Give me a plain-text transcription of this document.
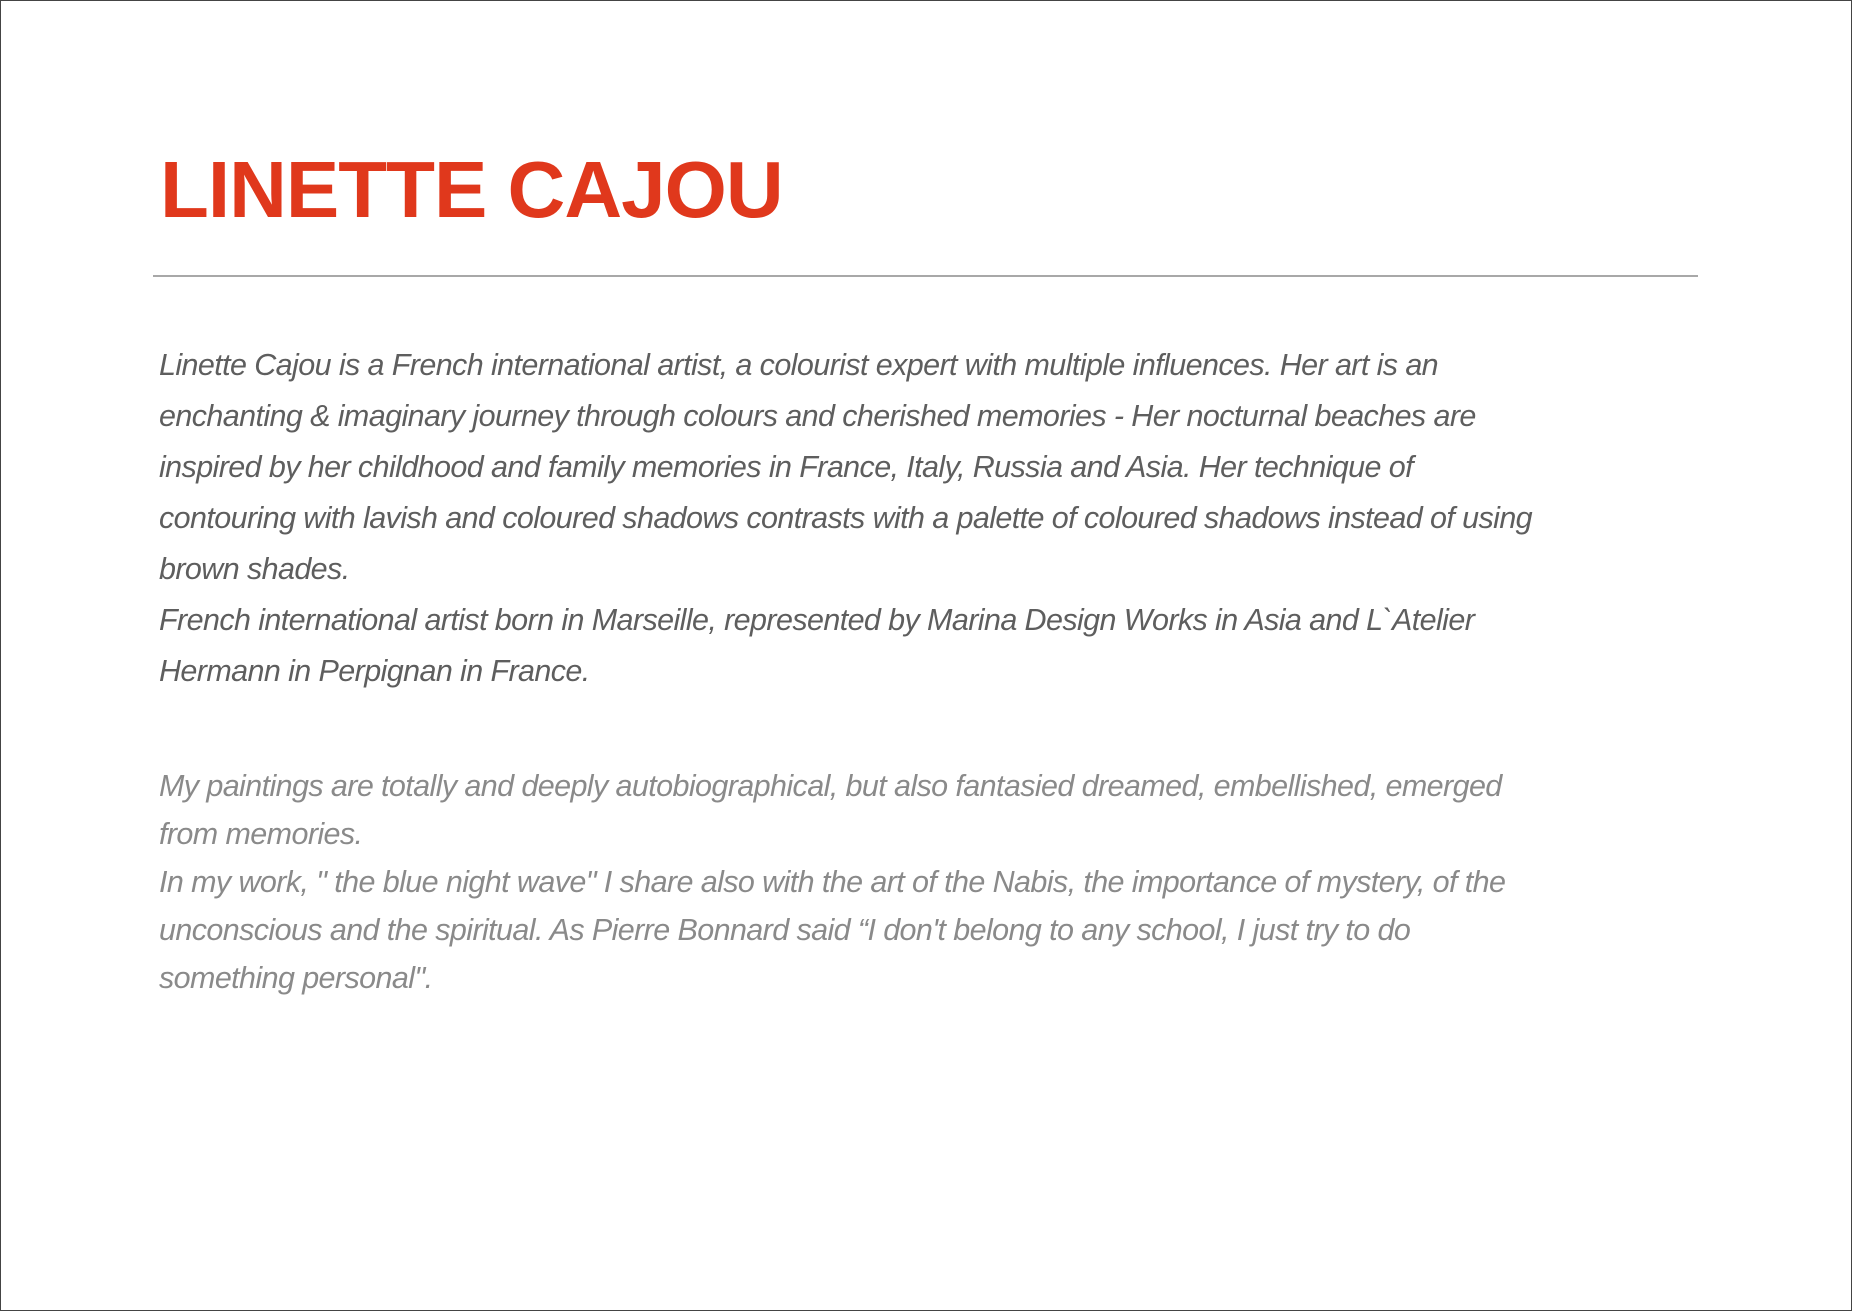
LINETTE CAJOU
Linette Cajou is a French international artist, a colourist expert with multiple influences. Her art is an
enchanting & imaginary journey through colours and cherished memories - Her nocturnal beaches are
inspired by her childhood and family memories in France, Italy, Russia and Asia. Her technique of
contouring with lavish and coloured shadows contrasts with a palette of coloured shadows instead of using
brown shades.
French international artist born in Marseille, represented by Marina Design Works in Asia and L`Atelier
Hermann in Perpignan in France.
My paintings are totally and deeply autobiographical, but also fantasied dreamed, embellished, emerged
from memories.
In my work, " the blue night wave" I share also with the art of the Nabis, the importance of mystery, of the
unconscious and the spiritual. As Pierre Bonnard said “I don't belong to any school, I just try to do
something personal".
